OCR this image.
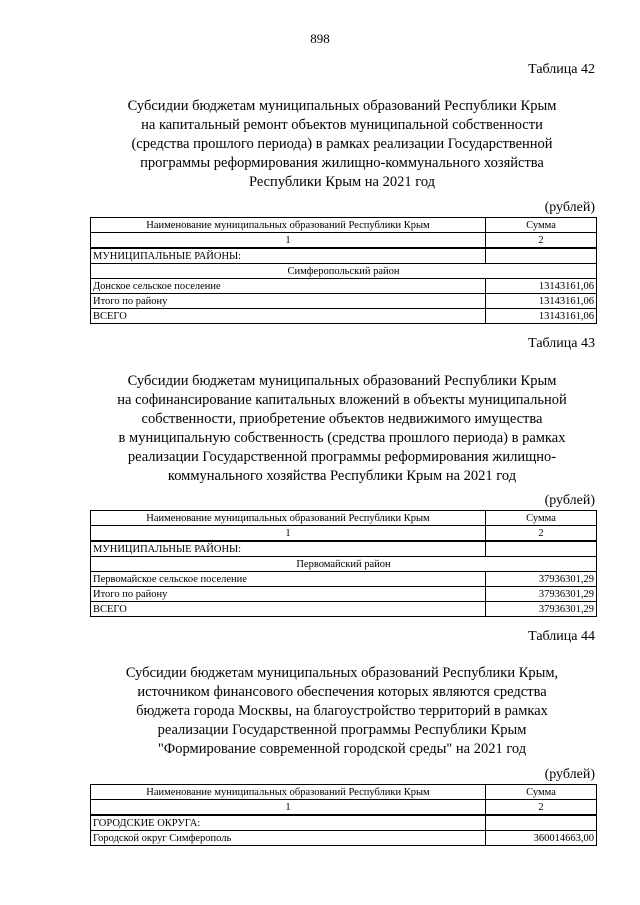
898
Таблица 42
Субсидии бюджетам муниципальных образований Республики Крым
на капитальный ремонт объектов муниципальной собственности
(средства прошлого периода) в рамках реализации Государственной
программы реформирования жилищно-коммунального хозяйства
Республики Крым на 2021 год
(рублей)
Наименование муниципальных образований Республики Крым	Сумма
1	2
МУНИЦИПАЛЬНЫЕ РАЙОНЫ:	
Симферопольский район	
Донское сельское поселение	13143161,06
Итого по району	13143161,06
ВСЕГО	13143161,06
Таблица 43
Субсидии бюджетам муниципальных образований Республики Крым
на софинансирование капитальных вложений в объекты муниципальной
собственности, приобретение объектов недвижимого имущества
в муниципальную собственность (средства прошлого периода) в рамках
реализации Государственной программы реформирования жилищно-
коммунального хозяйства Республики Крым на 2021 год
(рублей)
Наименование муниципальных образований Республики Крым	Сумма
1	2
МУНИЦИПАЛЬНЫЕ РАЙОНЫ:	
Первомайский район	
Первомайское сельское поселение	37936301,29
Итого по району	37936301,29
ВСЕГО	37936301,29
Таблица 44
Субсидии бюджетам муниципальных образований Республики Крым,
источником финансового обеспечения которых являются средства
бюджета города Москвы, на благоустройство территорий в рамках
реализации Государственной программы Республики Крым
"Формирование современной городской среды" на 2021 год
(рублей)
Наименование муниципальных образований Республики Крым	Сумма
1	2
ГОРОДСКИЕ ОКРУГА:	
Городской округ Симферополь	360014663,00
